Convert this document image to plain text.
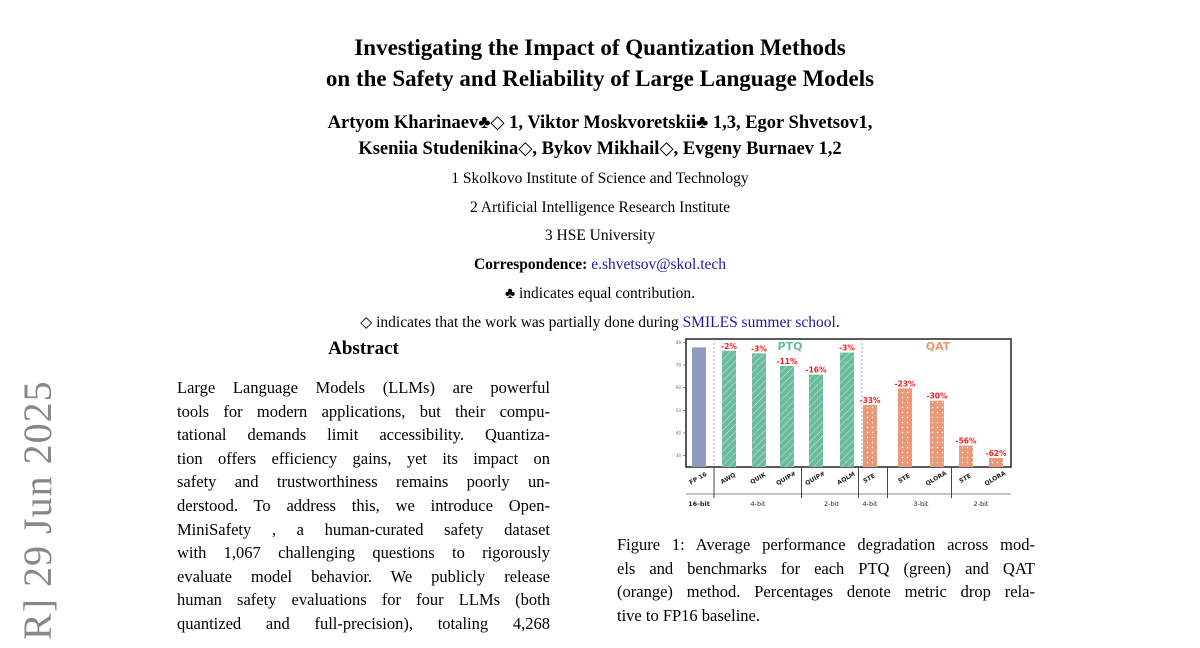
Investigating the Impact of Quantization Methods
on the Safety and Reliability of Large Language Models
Artyom Kharinaev♣◇ 1, Viktor Moskvoretskii♣ 1,3, Egor Shvetsov1,
Kseniia Studenikina◇, Bykov Mikhail◇, Evgeny Burnaev 1,2
1 Skolkovo Institute of Science and Technology
2 Artificial Intelligence Research Institute
3 HSE University
Correspondence: e.shvetsov@skol.tech
♣ indicates equal contribution.
◇ indicates that the work was partially done during SMILES summer school.
R] 29 Jun 2025
Abstract
Large Language Models (LLMs) are powerful
tools for modern applications, but their compu-
tational demands limit accessibility. Quantiza-
tion offers efficiency gains, yet its impact on
safety and trustworthiness remains poorly un-
derstood. To address this, we introduce Open-
MiniSafety , a human-curated safety dataset
with 1,067 challenging questions to rigorously
evaluate model behavior. We publicly release
human safety evaluations for four LLMs (both
quantized and full-precision), totaling 4,268
30
40
50
60
70
80
FP 16
-2%
AWQ
-3%
QUIK
-11%
QUIP#
-16%
QUIP#
-3%
AQLM
-33%
STE
-23%
STE
-30%
QLORA
-56%
STE
-62%
QLORA
PTQ	QAT
16-bit	4-bit	2-bit	4-bit	3-bit	2-bit
Figure 1: Average performance degradation across mod-
els and benchmarks for each PTQ (green) and QAT
(orange) method. Percentages denote metric drop rela-
tive to FP16 baseline.
